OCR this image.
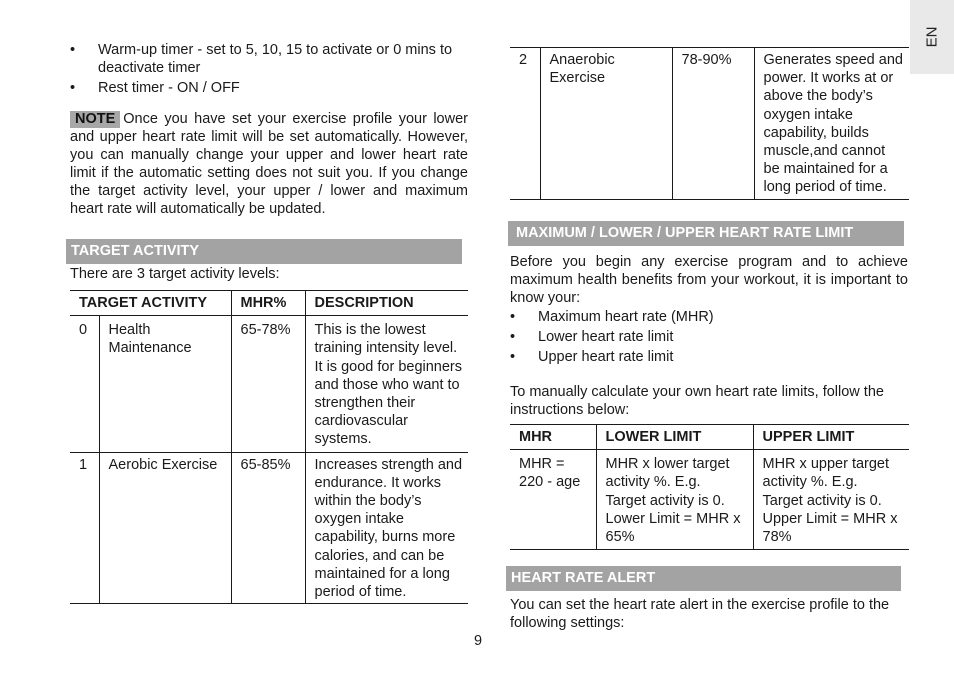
EN
• Warm-up timer - set to 5, 10, 15 to activate or 0 mins to deactivate timer
• Rest timer - ON / OFF
NOTE Once you have set your exercise profile your lower and upper heart rate limit will be set automatically. However, you can manually change your upper and lower heart rate limit if the automatic setting does not suit you. If you change the target activity level, your upper / lower and maximum heart rate will automatically be updated.
TARGET ACTIVITY
There are 3 target activity levels:
TARGET ACTIVITY		MHR%	DESCRIPTION
0	Health Maintenance	65-78%	This is the lowest training intensity level. It is good for beginners and those who want to strengthen their cardiovascular systems.
1	Aerobic Exercise	65-85%	Increases strength and endurance. It works within the body’s oxygen intake capability, burns more calories, and can be maintained for a long period of time.
2	Anaerobic Exercise	78-90%	Generates speed and power. It works at or above the body’s oxygen intake capability, builds muscle,and cannot be maintained for a long period of time.
MAXIMUM / LOWER / UPPER HEART RATE LIMIT
Before you begin any exercise program and to achieve maximum health benefits from your workout, it is important to know your:
• Maximum heart rate (MHR)
• Lower heart rate limit
• Upper heart rate limit
To manually calculate your own heart rate limits, follow the instructions below:
MHR	LOWER LIMIT	UPPER LIMIT
MHR = 220 - age	MHR x lower target activity %. E.g. Target activity is 0. Lower Limit = MHR x 65%	MHR x upper target activity %. E.g. Target activity is 0. Upper Limit = MHR x 78%
HEART RATE ALERT
You can set the heart rate alert in the exercise profile to the following settings:
9
